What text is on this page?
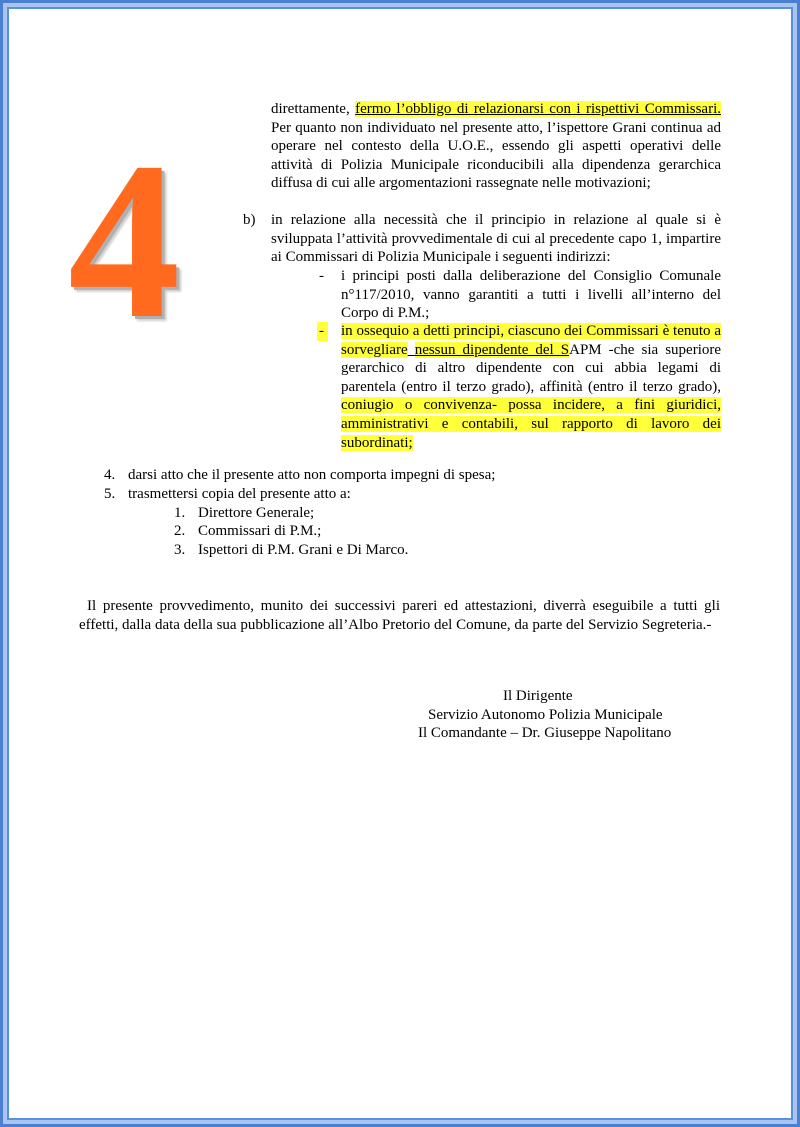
4
direttamente, fermo l’obbligo di relazionarsi con i rispettivi Commissari. Per quanto non individuato nel presente atto, l’ispettore Grani continua ad operare nel contesto della U.O.E., essendo gli aspetti operativi delle attività di Polizia Municipale riconducibili alla dipendenza gerarchica diffusa di cui alle argomentazioni rassegnate nelle motivazioni;
b) in relazione alla necessità che il principio in relazione al quale si è sviluppata l’attività provvedimentale di cui al precedente capo 1, impartire ai Commissari di Polizia Municipale i seguenti indirizzi:
- i principi posti dalla deliberazione del Consiglio Comunale n°117/2010, vanno garantiti a tutti i livelli all’interno del Corpo di P.M.;
- in ossequio a detti principi, ciascuno dei Commissari è tenuto a sorvegliare nessun dipendente del SAPM -che sia superiore gerarchico di altro dipendente con cui abbia legami di parentela (entro il terzo grado), affinità (entro il terzo grado), coniugio o convivenza- possa incidere, a fini giuridici, amministrativi e contabili, sul rapporto di lavoro dei subordinati;
4. darsi atto che il presente atto non comporta impegni di spesa;
5. trasmettersi copia del presente atto a:
1. Direttore Generale;
2. Commissari di P.M.;
3. Ispettori di P.M. Grani e Di Marco.
Il presente provvedimento, munito dei successivi pareri ed attestazioni, diverrà eseguibile a tutti gli effetti, dalla data della sua pubblicazione all’Albo Pretorio del Comune, da parte del Servizio Segreteria.-
Il Dirigente
Servizio Autonomo Polizia Municipale
Il Comandante – Dr. Giuseppe Napolitano
